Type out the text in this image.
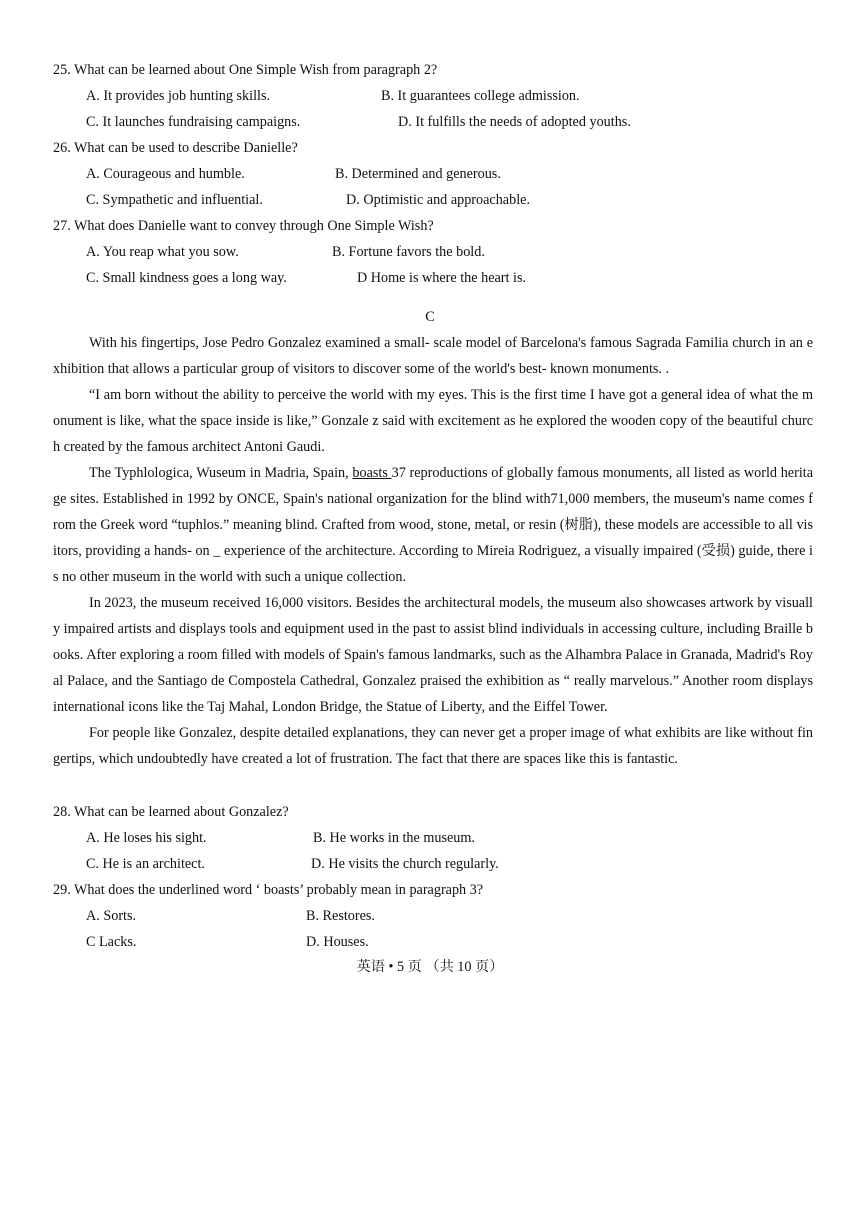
25. What can be learned about One Simple Wish from paragraph 2?
A. It provides job hunting skills.	B. It guarantees college admission.
C. It launches fundraising campaigns.	D. It fulfills the needs of adopted youths.
26. What can be used to describe Danielle?
A. Courageous and humble.	B. Determined and generous.
C. Sympathetic and influential.	D. Optimistic and approachable.
27. What does Danielle want to convey through One Simple Wish?
A. You reap what you sow.	B. Fortune favors the bold.
C. Small kindness goes a long way.	D Home is where the heart is.
C

With his fingertips, Jose Pedro Gonzalez examined a small- scale model of Barcelona's famous Sagrada Familia church in an exhibition that allows a particular group of visitors to discover some of the world's best- known monuments. .

“I am born without the ability to perceive the world with my eyes. This is the first time I have got a general idea of what the monument is like, what the space inside is like,” Gonzale z said with excitement as he explored the wooden copy of the beautiful church created by the famous architect Antoni Gaudi.

The Typhlologica, Wuseum in Madria, Spain, boasts 37 reproductions of globally famous monuments, all listed as world heritage sites. Established in 1992 by ONCE, Spain's national organization for the blind with71,000 members, the museum's name comes from the Greek word “tuphlos.” meaning blind. Crafted from wood, stone, metal, or resin (树脂), these models are accessible to all visitors, providing a hands- on _ experience of the architecture. According to Mireia Rodriguez, a visually impaired (受损) guide, there is no other museum in the world with such a unique collection.

In 2023, the museum received 16,000 visitors. Besides the architectural models, the museum also showcases artwork by visually impaired artists and displays tools and equipment used in the past to assist blind individuals in accessing culture, including Braille books. After exploring a room filled with models of Spain's famous landmarks, such as the Alhambra Palace in Granada, Madrid's Royal Palace, and the Santiago de Compostela Cathedral, Gonzalez praised the exhibition as “ really marvelous.” Another room displays international icons like the Taj Mahal, London Bridge, the Statue of Liberty, and the Eiffel Tower.

For people like Gonzalez, despite detailed explanations, they can never get a proper image of what exhibits are like without fingertips, which undoubtedly have created a lot of frustration. The fact that there are spaces like this is fantastic.

28. What can be learned about Gonzalez?
A. He loses his sight.	B. He works in the museum.
C. He is an architect.	D. He visits the church regularly.
29. What does the underlined word ‘ boasts’ probably mean in paragraph 3?
A. Sorts.	B. Restores.
C Lacks.	D. Houses.
英语 • 5 页 （共 10 页）
